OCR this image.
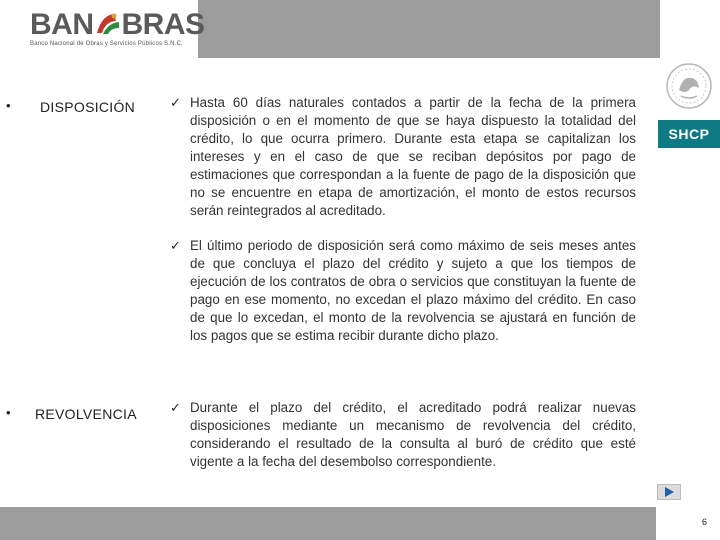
BAN BRAS
Banco Nacional de Obras y Servicios Públicos S.N.C.
SHCP
• DISPOSICIÓN	✓ Hasta 60 días naturales contados a partir de la fecha de la primera disposición o en el momento de que se haya dispuesto la totalidad del crédito, lo que ocurra primero. Durante esta etapa se capitalizan los intereses y en el caso de que se reciban depósitos por pago de estimaciones que correspondan a la fuente de pago de la disposición que no se encuentre en etapa de amortización, el monto de estos recursos serán reintegrados al acreditado.
✓ El último periodo de disposición será como máximo de seis meses antes de que concluya el plazo del crédito y sujeto a que los tiempos de ejecución de los contratos de obra o servicios que constituyan la fuente de pago en ese momento, no excedan el plazo máximo del crédito. En caso de que lo excedan, el monto de la revolvencia se ajustará en función de los pagos que se estima recibir durante dicho plazo.
• REVOLVENCIA	✓ Durante el plazo del crédito, el acreditado podrá realizar nuevas disposiciones mediante un mecanismo de revolvencia del crédito, considerando el resultado de la consulta al buró de crédito que esté vigente a la fecha del desembolso correspondiente.
6
